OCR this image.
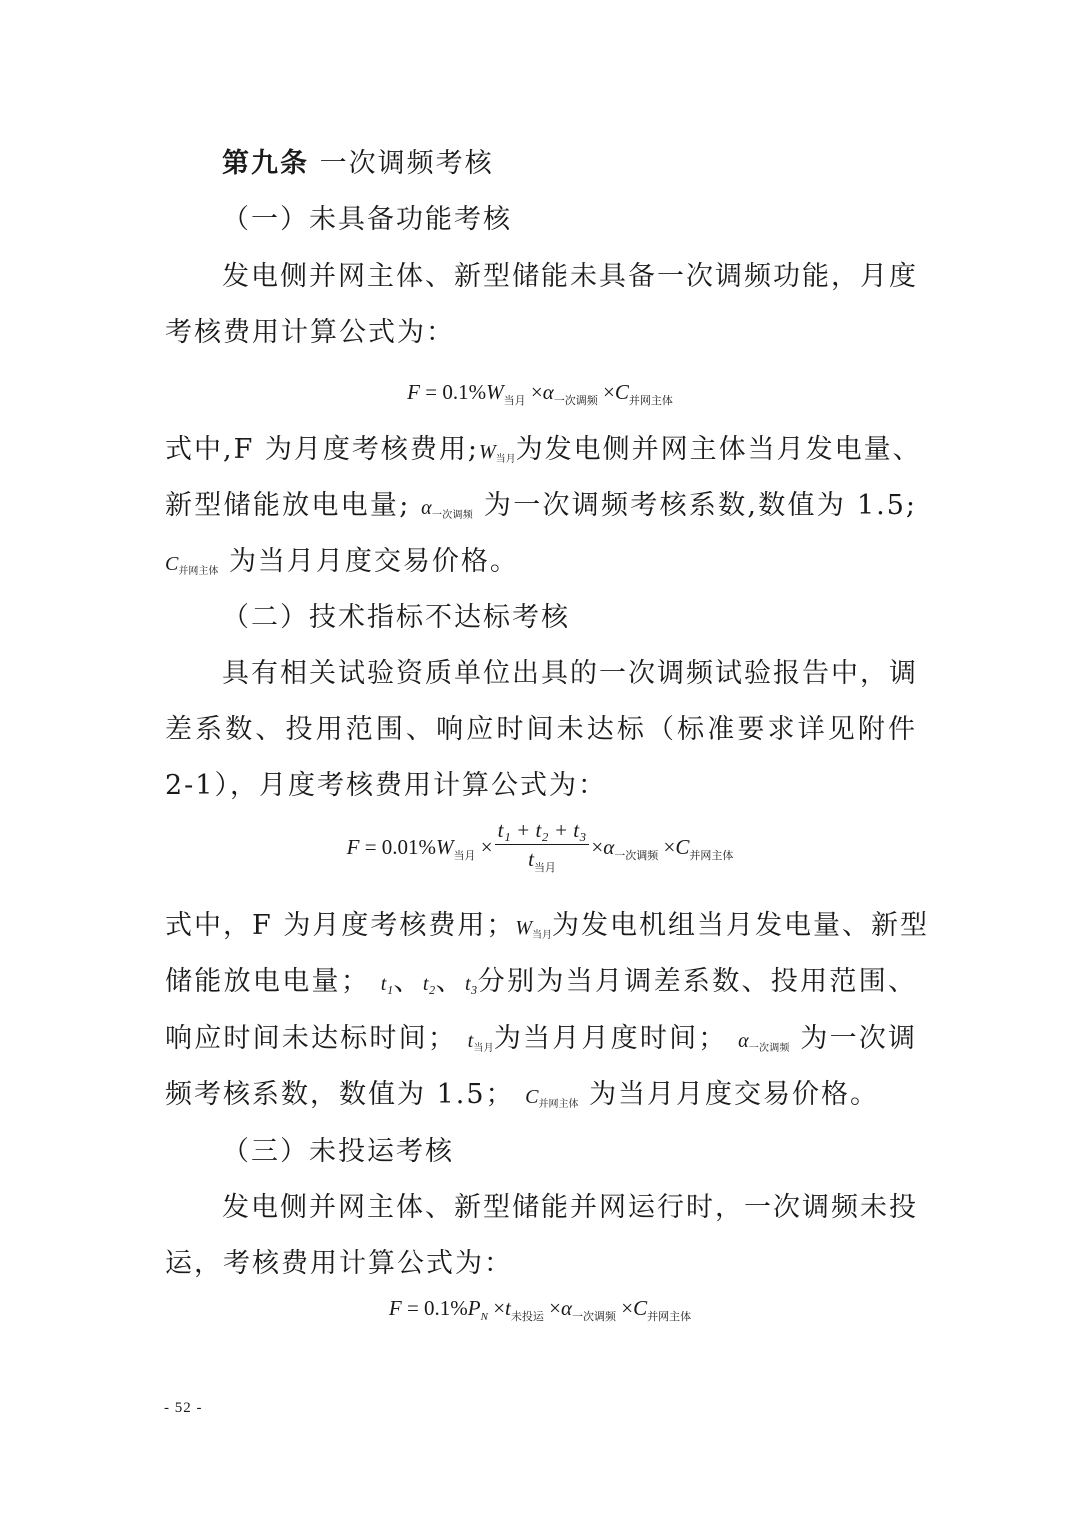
第九条 一次调频考核
（一）未具备功能考核
发电侧并网主体、新型储能未具备一次调频功能，月度
考核费用计算公式为：
$F = 0.1\%W_{当月} \times\alpha_{一次调频} \times C_{并网主体}$
式中,F 为月度考核费用$;W_{当月}$为发电侧并网主体当月发电量、
新型储能放电电量; $\alpha_{一次调频}$ 为一次调频考核系数,数值为 1.5;
$C_{并网主体}$ 为当月月度交易价格。
（二）技术指标不达标考核
具有相关试验资质单位出具的一次调频试验报告中，调
差系数、投用范围、响应时间未达标（标准要求详见附件
2-1），月度考核费用计算公式为：
$F = 0.01\%W_{当月} \times \frac{\text{t₁ + t₂ + t₃}}{t_{当月}} \times\alpha_{一次调频} \times C_{并网主体}$
式中，F 为月度考核费用；$W_{当月}$为发电机组当月发电量、新型
储能放电电量； t₁、t₂、t₃分别为当月调差系数、投用范围、
响应时间未达标时间； $t_{当月}$为当月月度时间； $\alpha_{一次调频}$ 为一次调
频考核系数，数值为 1.5； $C_{并网主体}$ 为当月月度交易价格。
（三）未投运考核
发电侧并网主体、新型储能并网运行时，一次调频未投
运，考核费用计算公式为：
$F = 0.1\%P_N \times t_{未投运} \times\alpha_{一次调频} \times C_{并网主体}$
- 52 -
